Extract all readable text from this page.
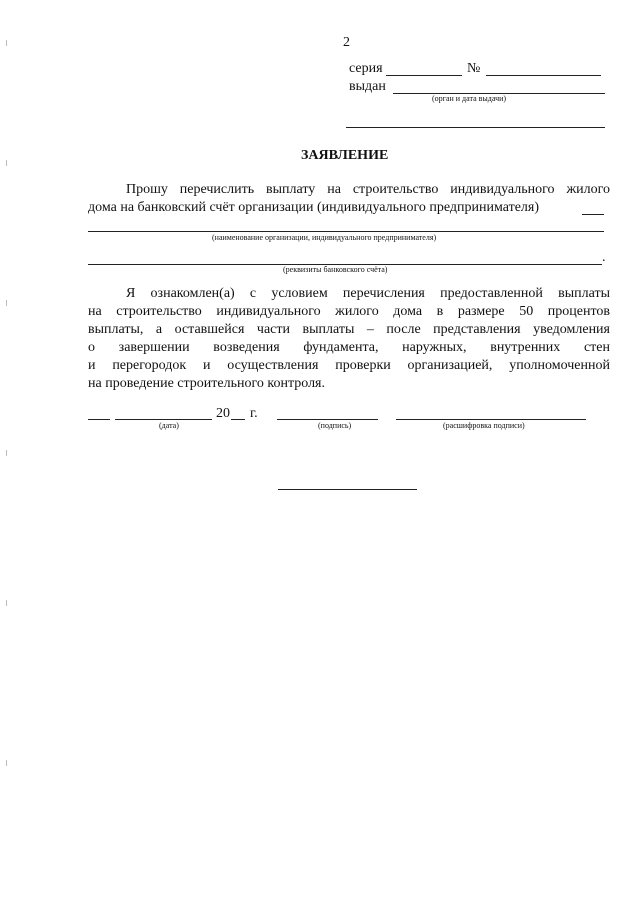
2
серия	№
выдан
(орган и дата выдачи)
ЗАЯВЛЕНИЕ
Прошу перечислить выплату на строительство индивидуального жилого
дома на банковский счёт организации (индивидуального предпринимателя)
(наименование организации, индивидуального предпринимателя)
.
(реквизиты банковского счёта)
Я ознакомлен(а) с условием перечисления предоставленной выплаты
на строительство индивидуального жилого дома в размере 50 процентов
выплаты, а оставшейся части выплаты – после представления уведомления
о завершении возведения фундамента, наружных, внутренних стен
и перегородок и осуществления проверки организацией, уполномоченной
на проведение строительного контроля.
20 г.
(дата)	(подпись)	(расшифровка подписи)
